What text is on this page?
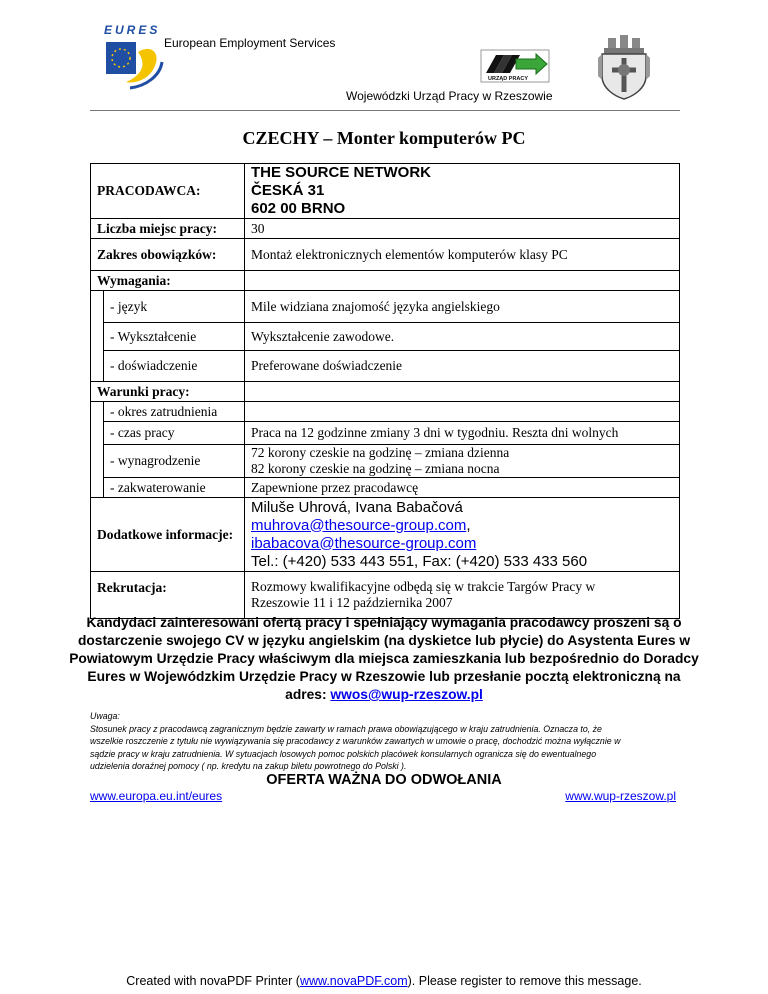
EURES
European Employment Services
URZĄD PRACY
Wojewódzki Urząd Pracy w Rzeszowie
CZECHY – Monter komputerów PC
PRACODAWCA:		THE SOURCE NETWORK
ČESKÁ 31
602 00 BRNO

Liczba miejsc pracy:		30
Zakres obowiązków:		Montaż elektronicznych elementów komputerów klasy PC
Wymagania:		
	- język	Mile widziana znajomość języka angielskiego
	- Wykształcenie	Wykształcenie zawodowe.
	- doświadczenie	Preferowane doświadczenie
Warunki pracy:		
	- okres zatrudnienia	
	- czas pracy	Praca na 12 godzinne zmiany 3 dni w tygodniu. Reszta dni wolnych
	- wynagrodzenie	72 korony czeskie na godzinę – zmiana dzienna
82 korony czeskie na godzinę – zmiana nocna

	- zakwaterowanie	Zapewnione przez pracodawcę
Dodatkowe informacje:		Miluše Uhrová, Ivana Babačová
muhrova@thesource-group.com,
ibabacova@thesource-group.com
Tel.: (+420) 533 443 551, Fax: (+420) 533 433 560

Rekrutacja:		Rozmowy kwalifikacyjne odbędą się w trakcie Targów Pracy w
Rzeszowie 11 i 12 października 2007
Kandydaci zainteresowani ofertą pracy i spełniający wymagania pracodawcy proszeni są o
dostarczenie swojego CV w języku angielskim (na dyskietce lub płycie) do Asystenta Eures w
Powiatowym Urzędzie Pracy właściwym dla miejsca zamieszkania lub bezpośrednio do Doradcy
Eures w Wojewódzkim Urzędzie Pracy w Rzeszowie lub przesłanie pocztą elektroniczną na
adres: wwos@wup-rzeszow.pl
Uwaga:
Stosunek pracy z pracodawcą zagranicznym będzie zawarty w ramach prawa obowiązującego w kraju zatrudnienia. Oznacza to, że
wszelkie roszczenie z tytułu nie wywiązywania się pracodawcy z warunków zawartych w umowie o pracę, dochodzić można wyłącznie w
sądzie pracy w kraju zatrudnienia. W sytuacjach losowych pomoc polskich placówek konsularnych ogranicza się do ewentualnego
udzielenia doraźnej pomocy ( np. kredytu na zakup biletu powrotnego do Polski ).
OFERTA WAŻNA DO ODWOŁANIA
www.europa.eu.int/eures	www.wup-rzeszow.pl
Created with novaPDF Printer (www.novaPDF.com). Please register to remove this message.
